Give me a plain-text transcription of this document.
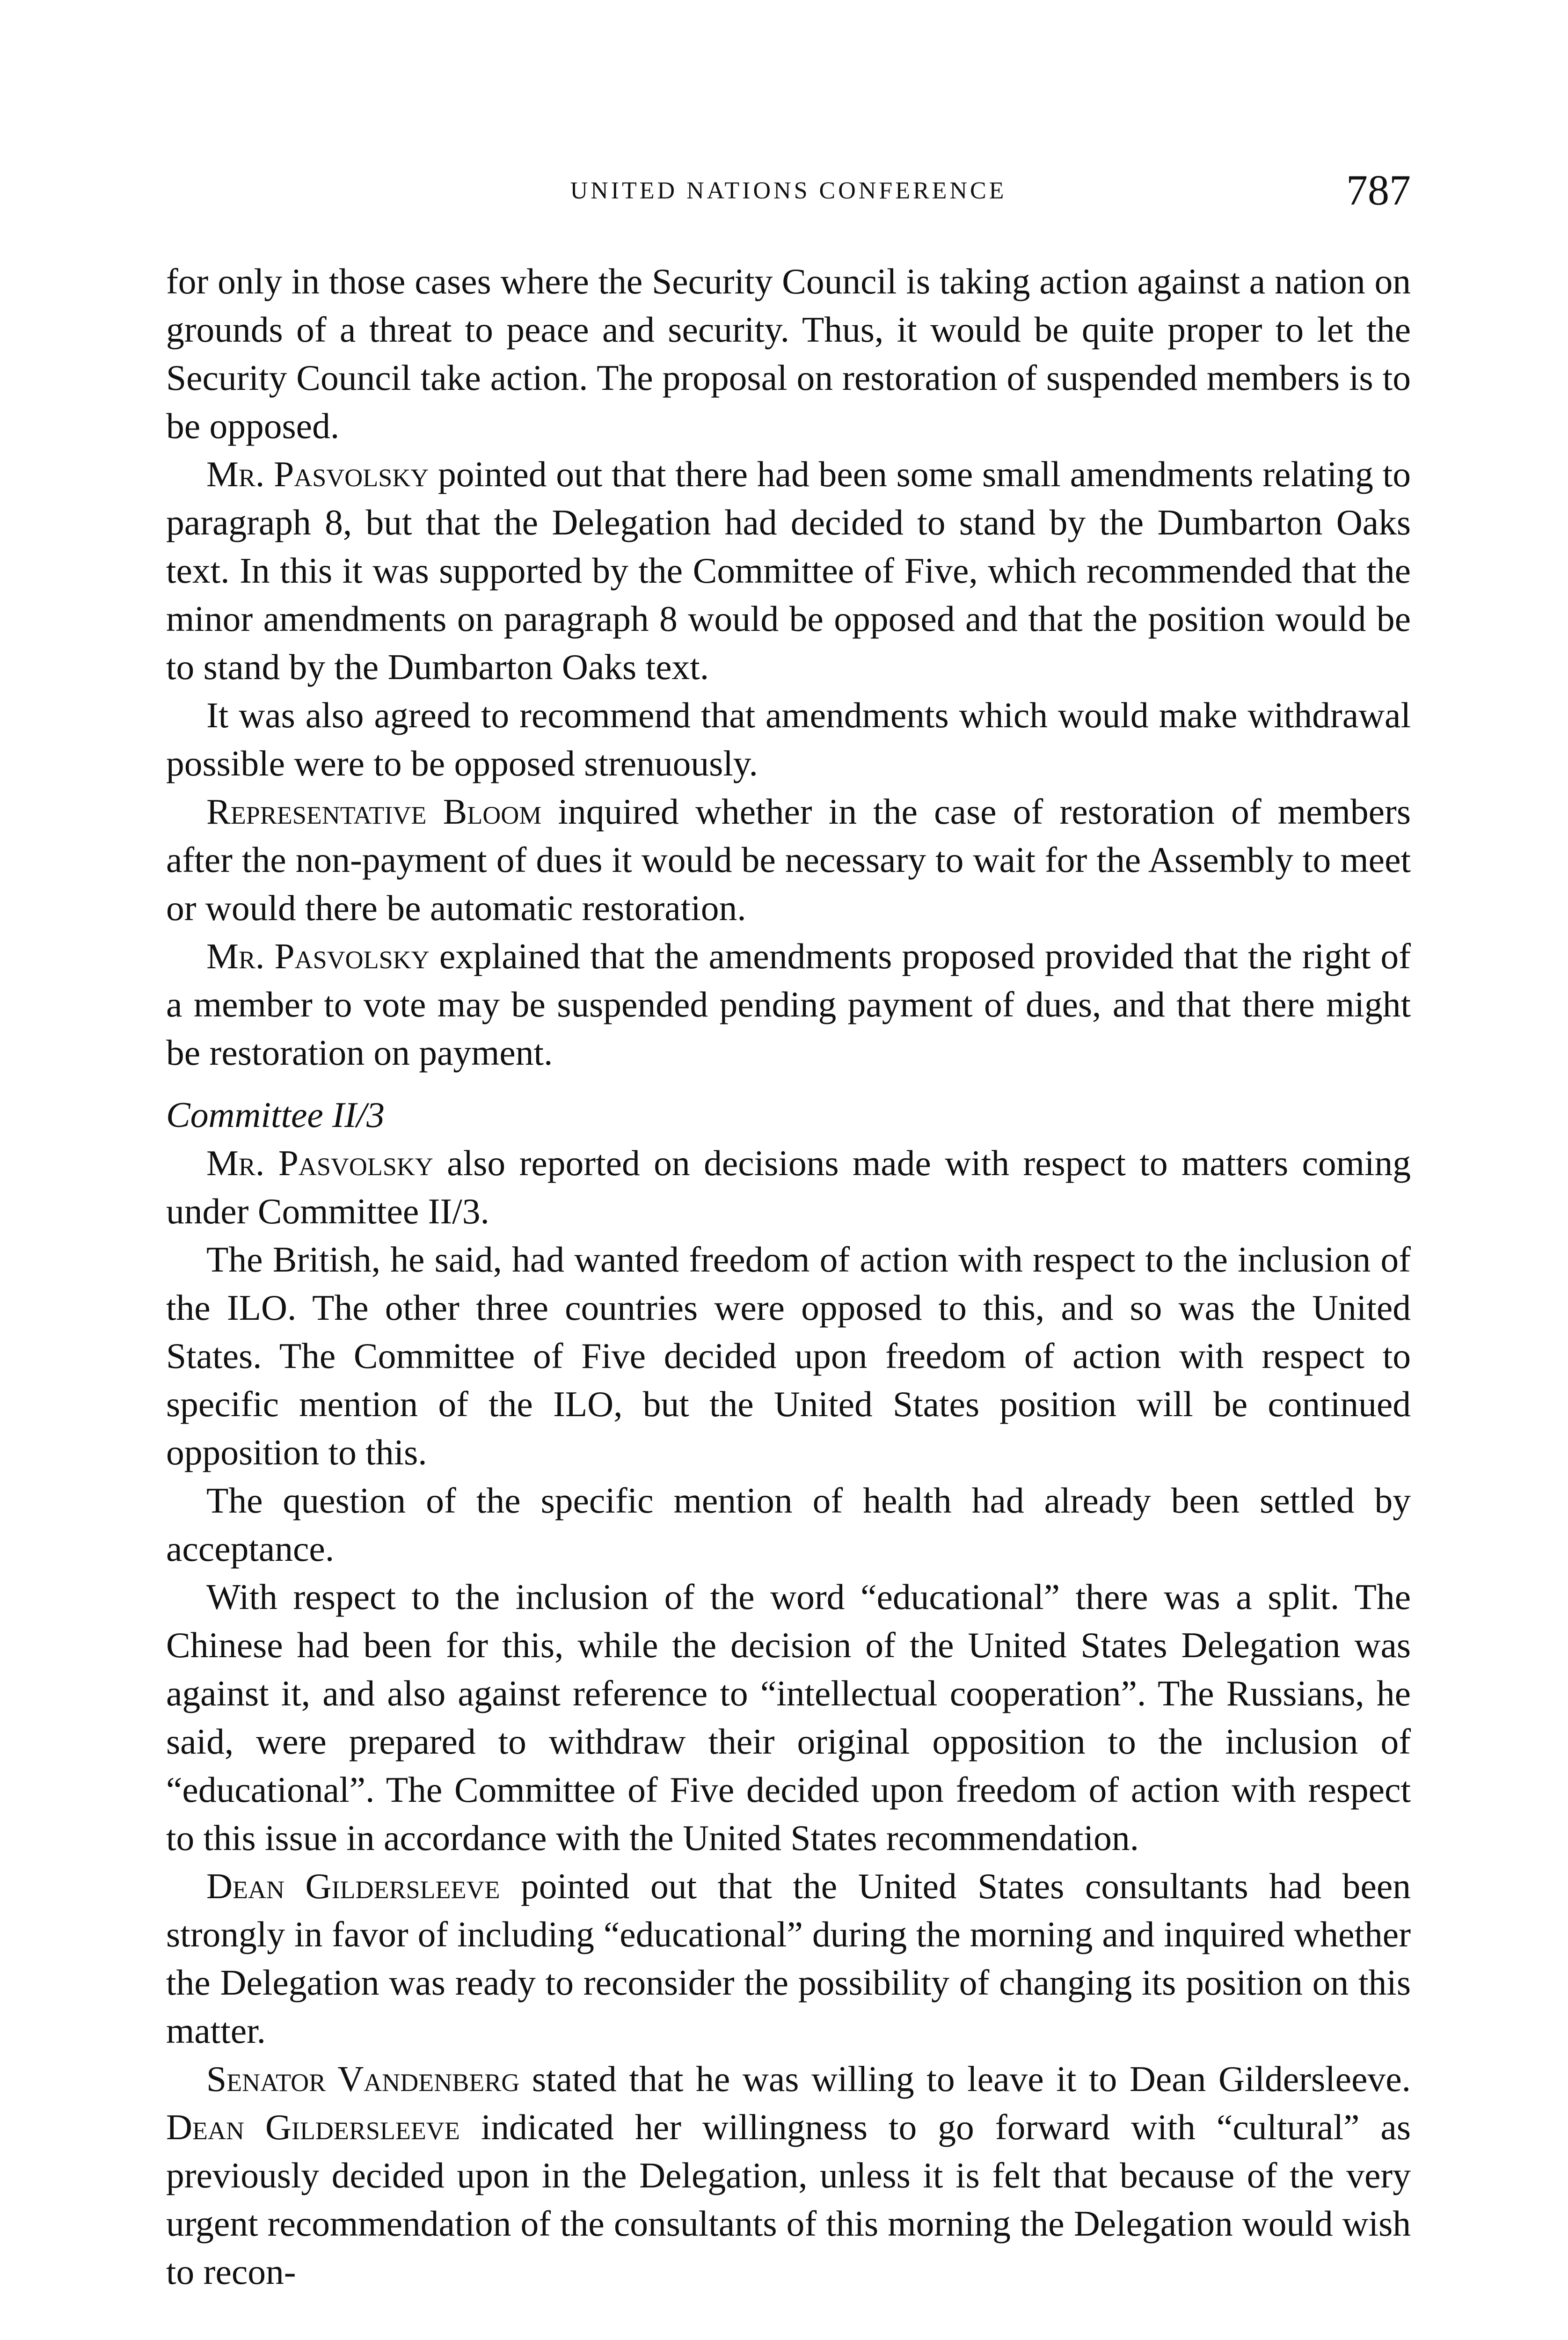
UNITED NATIONS CONFERENCE	787

for only in those cases where the Security Council is taking action against a nation on grounds of a threat to peace and security. Thus, it would be quite proper to let the Security Council take action. The proposal on restoration of suspended members is to be opposed.

Mr. Pasvolsky pointed out that there had been some small amendments relating to paragraph 8, but that the Delegation had decided to stand by the Dumbarton Oaks text. In this it was supported by the Committee of Five, which recommended that the minor amendments on paragraph 8 would be opposed and that the position would be to stand by the Dumbarton Oaks text.

It was also agreed to recommend that amendments which would make withdrawal possible were to be opposed strenuously.

Representative Bloom inquired whether in the case of restoration of members after the non-payment of dues it would be necessary to wait for the Assembly to meet or would there be automatic restoration.

Mr. Pasvolsky explained that the amendments proposed provided that the right of a member to vote may be suspended pending payment of dues, and that there might be restoration on payment.

Committee II/3

Mr. Pasvolsky also reported on decisions made with respect to matters coming under Committee II/3.

The British, he said, had wanted freedom of action with respect to the inclusion of the ILO. The other three countries were opposed to this, and so was the United States. The Committee of Five decided upon freedom of action with respect to specific mention of the ILO, but the United States position will be continued opposition to this.

The question of the specific mention of health had already been settled by acceptance.

With respect to the inclusion of the word “educational” there was a split. The Chinese had been for this, while the decision of the United States Delegation was against it, and also against reference to “intellectual cooperation”. The Russians, he said, were prepared to withdraw their original opposition to the inclusion of “educational”. The Committee of Five decided upon freedom of action with respect to this issue in accordance with the United States recommendation.

Dean Gildersleeve pointed out that the United States consultants had been strongly in favor of including “educational” during the morning and inquired whether the Delegation was ready to reconsider the possibility of changing its position on this matter.

Senator Vandenberg stated that he was willing to leave it to Dean Gildersleeve. Dean Gildersleeve indicated her willingness to go forward with “cultural” as previously decided upon in the Delegation, unless it is felt that because of the very urgent recommendation of the consultants of this morning the Delegation would wish to recon-
